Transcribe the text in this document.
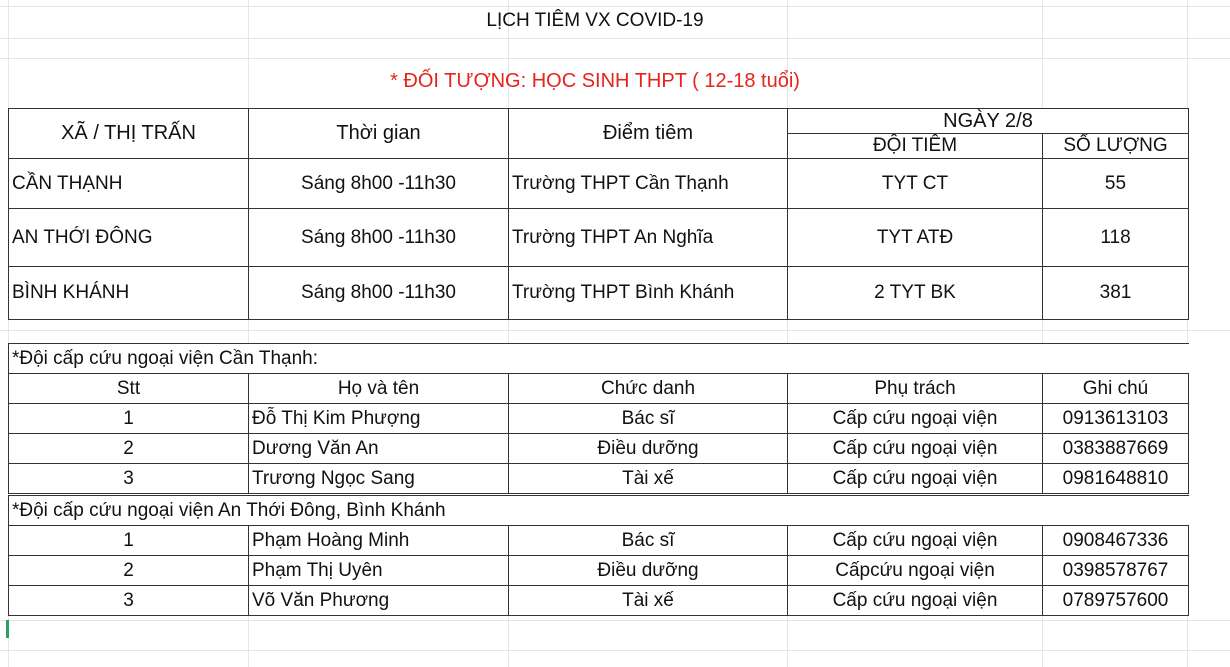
LỊCH TIÊM VX COVID-19
* ĐỐI TƯỢNG: HỌC SINH THPT ( 12-18 tuổi)
XÃ / THỊ TRẤN	Thời gian	Điểm tiêm	NGÀY 2/8	
			ĐỘI TIÊM	SỐ LƯỢNG
CẦN THẠNH	Sáng 8h00 -11h30	Trường THPT Cần Thạnh	TYT CT	55
AN THỚI ĐÔNG	Sáng 8h00 -11h30	Trường THPT An Nghĩa	TYT ATĐ	118
BÌNH KHÁNH	Sáng 8h00 -11h30	Trường THPT Bình Khánh	2 TYT BK	381
*Đội cấp cứu ngoại viện Cần Thạnh:				
Stt	Họ và tên	Chức danh	Phụ trách	Ghi chú
1	Đỗ Thị Kim Phượng	Bác sĩ	Cấp cứu ngoại viện	0913613103
2	Dương Văn An	Điều dưỡng	Cấp cứu ngoại viện	0383887669
3	Trương Ngọc Sang	Tài xế	Cấp cứu ngoại viện	0981648810
*Đội cấp cứu ngoại viện An Thới Đông, Bình Khánh				
1	Phạm Hoàng Minh	Bác sĩ	Cấp cứu ngoại viện	0908467336
2	Phạm Thị Uyên	Điều dưỡng	Cấpcứu ngoại viện	0398578767
3	Võ Văn Phương	Tài xế	Cấp cứu ngoại viện	0789757600
